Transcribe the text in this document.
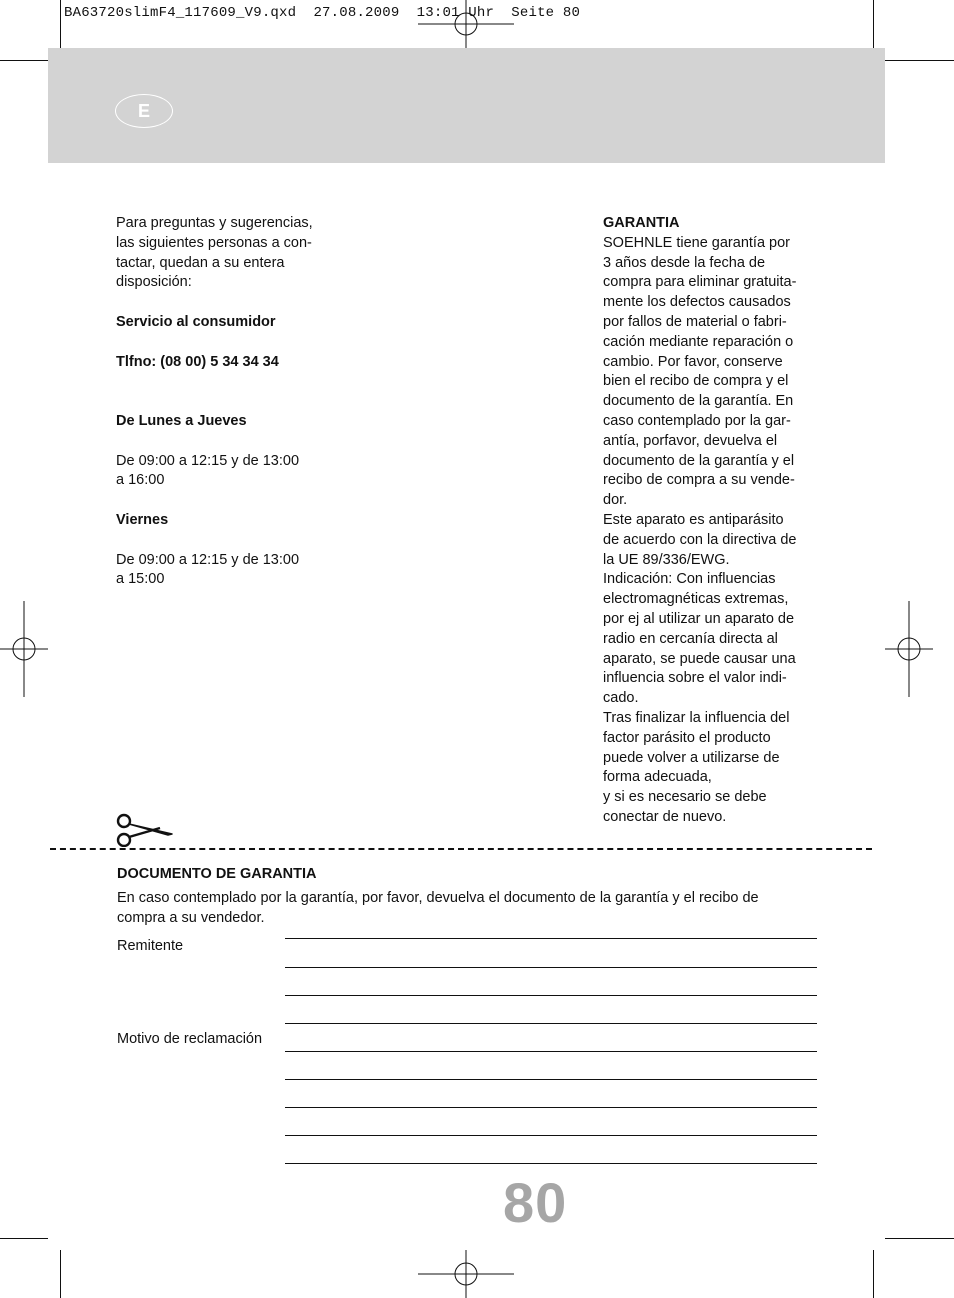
BA63720slimF4_117609_V9.qxd  27.08.2009  13:01 Uhr  Seite 80
E

Para preguntas y sugerencias,

las siguientes personas a con-

tactar, quedan a su entera

disposición:

Servicio al consumidor

Tlfno: (08 00) 5 34 34 34

De Lunes a Jueves

De 09:00 a 12:15 y de 13:00

a 16:00

Viernes

De 09:00 a 12:15 y de 13:00

a 15:00

GARANTIA

SOEHNLE tiene garantía por

3 años desde la fecha de

compra para eliminar gratuita-

mente los defectos causados

por fallos de material o fabri-

cación mediante reparación o

cambio. Por favor, conserve

bien el recibo de compra y el

documento de la garantía. En

caso contemplado por la gar-

antía, porfavor, devuelva el

documento de la garantía y el

recibo de compra a su vende-

dor.

Este aparato es antiparásito

de acuerdo con la directiva de

la UE 89/336/EWG.

Indicación: Con influencias

electromagnéticas extremas,

por ej al utilizar un aparato de

radio en cercanía directa al

aparato, se puede causar una

influencia sobre el valor indi-

cado.

Tras finalizar la influencia del

factor parásito el producto

puede volver a utilizarse de

forma adecuada,

y si es necesario se debe

conectar de nuevo.

DOCUMENTO DE GARANTIA

En caso contemplado por la garantía, por favor, devuelva el documento de la garantía y el recibo de

compra a su vendedor.

Remitente
Motivo de reclamación
80
